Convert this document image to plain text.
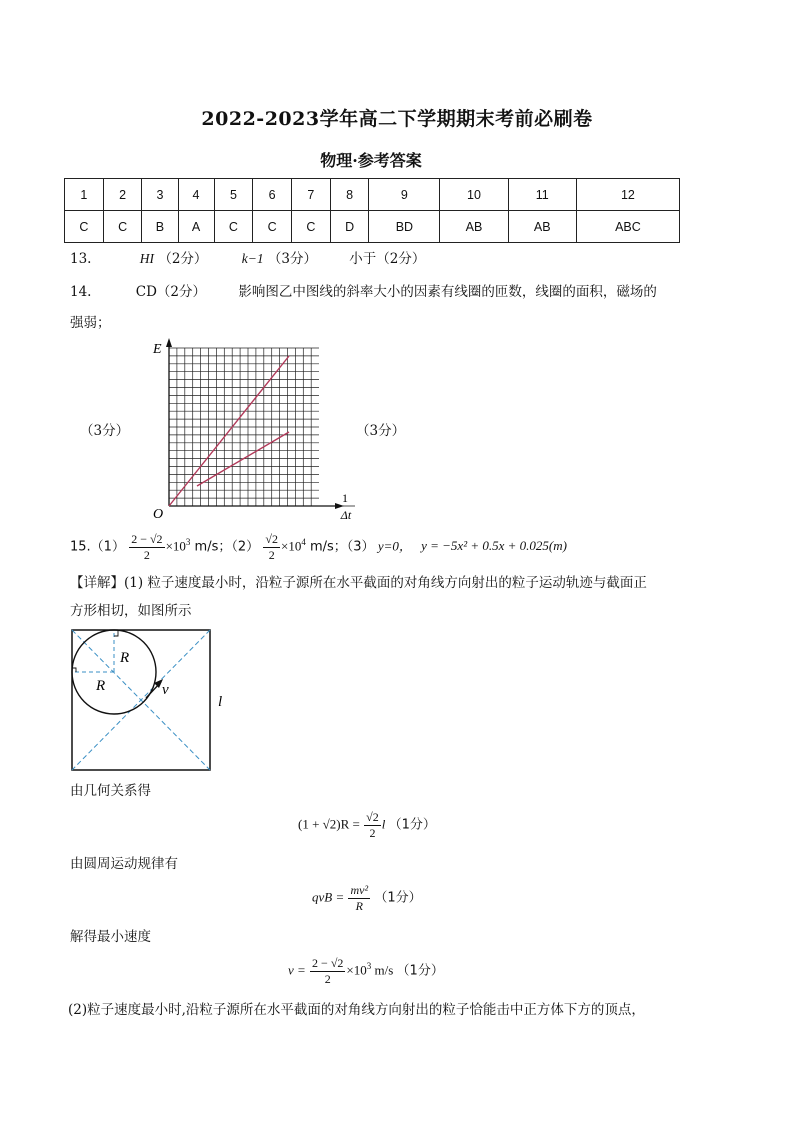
2022-2023学年高二下学期期末考前必刷卷
物理·参考答案
1	2	3	4	5	6	7	8	9	10	11	12
C	C	B	A	C	C	C	D	BD	AB	AB	ABC
13.	HI （2分）	k−1 （3分） 小于（2分）
14.	CD（2分） 影响图乙中图线的斜率大小的因素有线圈的匝数，线圈的面积，磁场的
强弱；
（3分）	（3分）
E
O
1
Δt
$15.(1) \frac{2 - √2}{2} \times 10^3$ m/s；$(2) \frac{√2}{2} \times 10^4$ m/s；（3） y=0， y = −5x² + 0.5x + 0.025(m)
【详解】(1) 粒子速度最小时，沿粒子源所在水平截面的对角线方向射出的粒子运动轨迹与截面正
方形相切，如图所示
R
R	v
l
由几何关系得
$(1 + √2)R = \frac{√2}{2}$ l （1分）
由圆周运动规律有
qvB = $\frac{\text{mv²}}{R} (1$分）
解得最小速度
$v = \frac{2 - √2}{2} \times 10^3$ m/s （1分）
(2)粒子速度最小时,沿粒子源所在水平截面的对角线方向射出的粒子恰能击中正方体下方的顶点，
